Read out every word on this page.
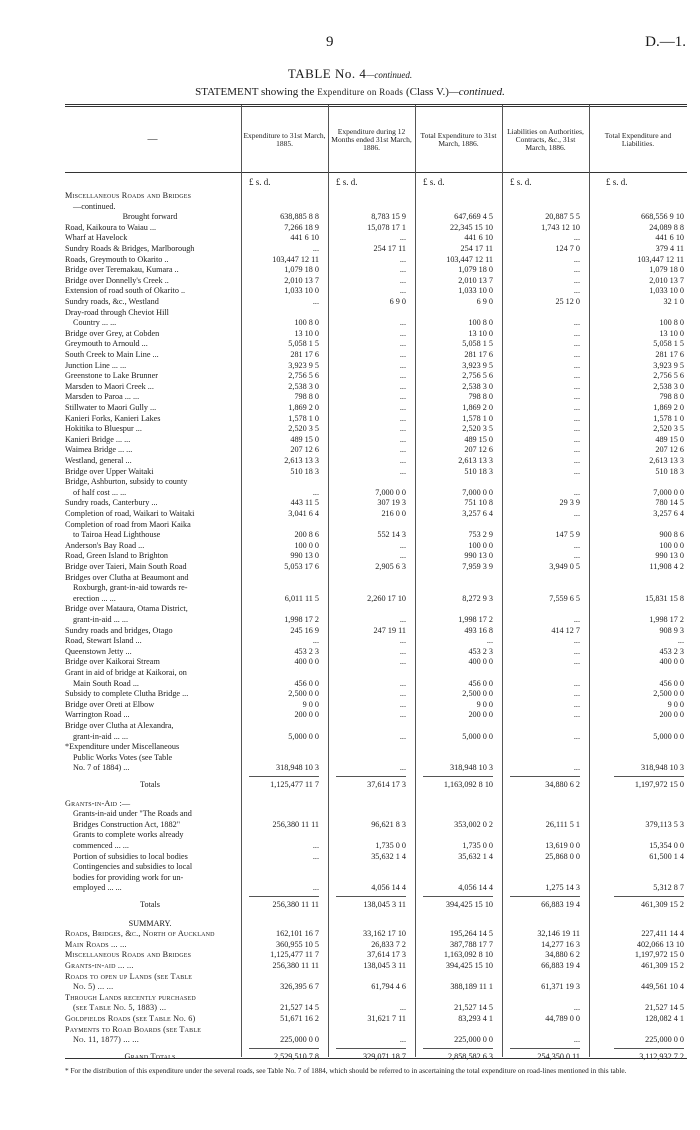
9	D.—1.
TABLE No. 4—continued.
STATEMENT showing the Expenditure on Roads (Class V.)—continued.
—	Expenditure to 31st March, 1885.
Expenditure during 12 Months ended 31st March, 1886.
Total Expenditure to 31st March, 1886.
Liabilities on Authorities, Contracts, &c., 31st March, 1886.
Total Expenditure and Liabilities.
£ s. d.	£ s. d.	£ s. d.	£ s. d.	£ s. d.
Miscellaneous Roads and Bridges
—continued.
Brought forward	638,885 8 8	8,783 15 9	647,669 4 5	20,887 5 5	668,556 9 10
Road, Kaikoura to Waiau ...	7,266 18 9	15,078 17 1	22,345 15 10	1,743 12 10	24,089 8 8
Wharf at Havelock	441 6 10	...	441 6 10	...	441 6 10
Sundry Roads & Bridges, Marlborough	...	254 17 11	254 17 11	124 7 0	379 4 11
Roads, Greymouth to Okarito ..	103,447 12 11	...	103,447 12 11	...	103,447 12 11
Bridge over Teremakau, Kumara ..	1,079 18 0	...	1,079 18 0	...	1,079 18 0
Bridge over Donnelly's Creek ..	2,010 13 7	...	2,010 13 7	...	2,010 13 7
Extension of road south of Okarito ..	1,033 10 0	...	1,033 10 0	...	1,033 10 0
Sundry roads, &c., Westland	...	6 9 0	6 9 0	25 12 0	32 1 0
Dray-road through Cheviot Hill
Country ... ...	100 8 0	...	100 8 0	...	100 8 0
Bridge over Grey, at Cobden	13 10 0	...	13 10 0	...	13 10 0
Greymouth to Arnould ...	5,058 1 5	...	5,058 1 5	...	5,058 1 5
South Creek to Main Line ...	281 17 6	...	281 17 6	...	281 17 6
Junction Line ... ...	3,923 9 5	...	3,923 9 5	...	3,923 9 5
Greenstone to Lake Brunner	2,756 5 6	...	2,756 5 6	...	2,756 5 6
Marsden to Maori Creek ...	2,538 3 0	...	2,538 3 0	...	2,538 3 0
Marsden to Paroa ... ...	798 8 0	...	798 8 0	...	798 8 0
Stillwater to Maori Gully ...	1,869 2 0	...	1,869 2 0	...	1,869 2 0
Kanieri Forks, Kanieri Lakes	1,578 1 0	...	1,578 1 0	...	1,578 1 0
Hokitika to Bluespur ...	2,520 3 5	...	2,520 3 5	...	2,520 3 5
Kanieri Bridge ... ...	489 15 0	...	489 15 0	...	489 15 0
Waimea Bridge ... ...	207 12 6	...	207 12 6	...	207 12 6
Westland, general ...	2,613 13 3	...	2,613 13 3	...	2,613 13 3
Bridge over Upper Waitaki	510 18 3	...	510 18 3	...	510 18 3
Bridge, Ashburton, subsidy to county
of half cost ... ...	...	7,000 0 0	7,000 0 0	...	7,000 0 0
Sundry roads, Canterbury ...	443 11 5	307 19 3	751 10 8	29 3 9	780 14 5
Completion of road, Waikari to Waitaki	3,041 6 4	216 0 0	3,257 6 4	...	3,257 6 4
Completion of road from Maori Kaika
to Tairoa Head Lighthouse	200 8 6	552 14 3	753 2 9	147 5 9	900 8 6
Anderson's Bay Road ...	100 0 0	...	100 0 0	...	100 0 0
Road, Green Island to Brighton	990 13 0	...	990 13 0	...	990 13 0
Bridge over Taieri, Main South Road	5,053 17 6	2,905 6 3	7,959 3 9	3,949 0 5	11,908 4 2
Bridges over Clutha at Beaumont and
Roxburgh, grant-in-aid towards re-
erection ... ...	6,011 11 5	2,260 17 10	8,272 9 3	7,559 6 5	15,831 15 8
Bridge over Mataura, Otama District,
grant-in-aid ... ...	1,998 17 2	...	1,998 17 2	...	1,998 17 2
Sundry roads and bridges, Otago	245 16 9	247 19 11	493 16 8	414 12 7	908 9 3
Road, Stewart Island ...	...	...	...	...	...
Queenstown Jetty ...	453 2 3	...	453 2 3	...	453 2 3
Bridge over Kaikorai Stream	400 0 0	...	400 0 0	...	400 0 0
Grant in aid of bridge at Kaikorai, on
Main South Road ...	456 0 0	...	456 0 0	...	456 0 0
Subsidy to complete Clutha Bridge ...	2,500 0 0	...	2,500 0 0	...	2,500 0 0
Bridge over Oreti at Elbow	9 0 0	...	9 0 0	...	9 0 0
Warrington Road ...	200 0 0	...	200 0 0	...	200 0 0
Bridge over Clutha at Alexandra,
grant-in-aid ... ...	5,000 0 0	...	5,000 0 0	...	5,000 0 0
*Expenditure under Miscellaneous
Public Works Votes (see Table
No. 7 of 1884) ...	318,948 10 3	...	318,948 10 3	...	318,948 10 3
Totals	1,125,477 11 7	37,614 17 3	1,163,092 8 10	34,880 6 2	1,197,972 15 0
Grants-in-Aid :—
Grants-in-aid under "The Roads and
Bridges Construction Act, 1882"	256,380 11 11	96,621 8 3	353,002 0 2	26,111 5 1	379,113 5 3
Grants to complete works already
commenced ... ...	...	1,735 0 0	1,735 0 0	13,619 0 0	15,354 0 0
Portion of subsidies to local bodies	...	35,632 1 4	35,632 1 4	25,868 0 0	61,500 1 4
Contingencies and subsidies to local
bodies for providing work for un-
employed ... ...	...	4,056 14 4	4,056 14 4	1,275 14 3	5,312 8 7
Totals	256,380 11 11	138,045 3 11	394,425 15 10	66,883 19 4	461,309 15 2
SUMMARY.
Roads, Bridges, &c., North of Auckland	162,101 16 7	33,162 17 10	195,264 14 5	32,146 19 11	227,411 14 4
Main Roads ... ...	360,955 10 5	26,833 7 2	387,788 17 7	14,277 16 3	402,066 13 10
Miscellaneous Roads and Bridges	1,125,477 11 7	37,614 17 3	1,163,092 8 10	34,880 6 2	1,197,972 15 0
Grants-in-aid ... ...	256,380 11 11	138,045 3 11	394,425 15 10	66,883 19 4	461,309 15 2
Roads to open up Lands (see Table
No. 5) ... ...	326,395 6 7	61,794 4 6	388,189 11 1	61,371 19 3	449,561 10 4
Through Lands recently purchased
(see Table No. 5, 1883) ...	21,527 14 5	...	21,527 14 5	...	21,527 14 5
Goldfields Roads (see Table No. 6)	51,671 16 2	31,621 7 11	83,293 4 1	44,789 0 0	128,082 4 1
Payments to Road Boards (see Table
No. 11, 1877) ... ...	225,000 0 0	...	225,000 0 0	...	225,000 0 0
Grand Totals	2,529,510 7 8	329,071 18 7	2,858,582 6 3	254,350 0 11	3,112,932 7 2
* For the distribution of this expenditure under the several roads, see Table No. 7 of 1884, which should be referred to in ascertaining the total expenditure on road-lines mentioned in this table.
